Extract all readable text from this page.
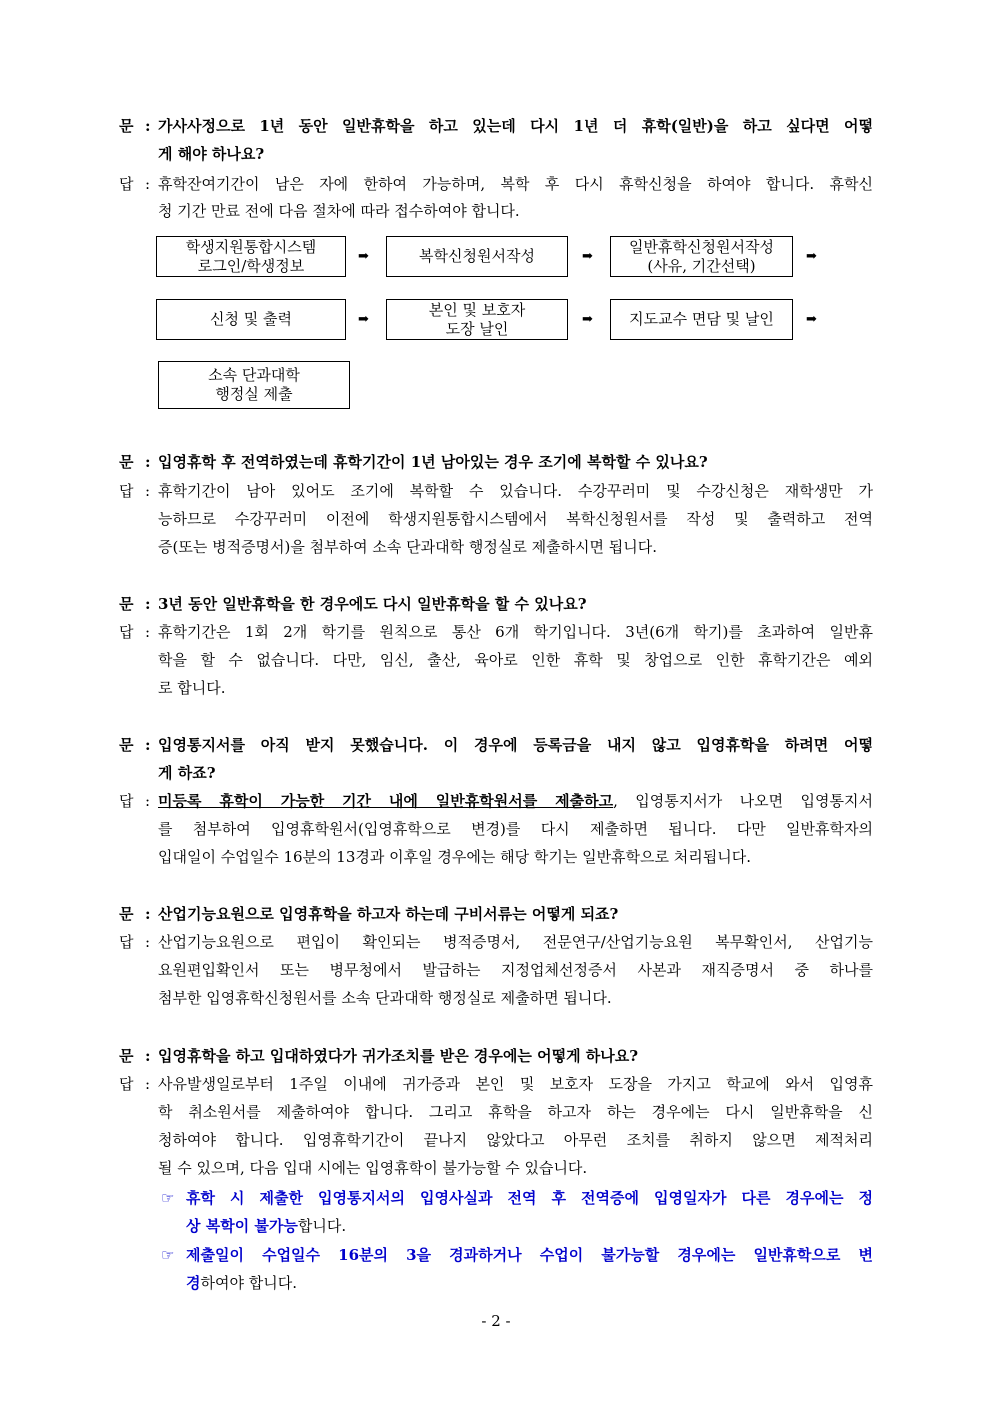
문 : 가사사정으로 1년 동안 일반휴학을 하고 있는데 다시 1년 더 휴학(일반)을 하고 싶다면 어떻
게 해야 하나요?
답 : 휴학잔여기간이 남은 자에 한하여 가능하며, 복학 후 다시 휴학신청을 하여야 합니다. 휴학신
청 기간 만료 전에 다음 절차에 따라 접수하여야 합니다.
학생지원통합시스템
로그인/학생정보	➡	복학신청원서작성	➡
일반휴학신청원서작성
(사유, 기간선택)	➡
신청 및 출력	➡
본인 및 보호자
도장 날인	➡	지도교수 면담 및 날인	➡
소속 단과대학
행정실 제출
문 : 입영휴학 후 전역하였는데 휴학기간이 1년 남아있는 경우 조기에 복학할 수 있나요?
답 : 휴학기간이 남아 있어도 조기에 복학할 수 있습니다. 수강꾸러미 및 수강신청은 재학생만 가
능하므로 수강꾸러미 이전에 학생지원통합시스템에서 복학신청원서를 작성 및 출력하고 전역
증(또는 병적증명서)을 첨부하여 소속 단과대학 행정실로 제출하시면 됩니다.
문 : 3년 동안 일반휴학을 한 경우에도 다시 일반휴학을 할 수 있나요?
답 : 휴학기간은 1회 2개 학기를 원칙으로 통산 6개 학기입니다. 3년(6개 학기)를 초과하여 일반휴
학을 할 수 없습니다. 다만, 임신, 출산, 육아로 인한 휴학 및 창업으로 인한 휴학기간은 예외
로 합니다.
문 : 입영통지서를 아직 받지 못했습니다. 이 경우에 등록금을 내지 않고 입영휴학을 하려면 어떻
게 하죠?
답 : 미등록 휴학이 가능한 기간 내에 일반휴학원서를 제출하고, 입영통지서가 나오면 입영통지서
를 첨부하여 입영휴학원서(입영휴학으로 변경)를 다시 제출하면 됩니다. 다만 일반휴학자의
입대일이 수업일수 16분의 13경과 이후일 경우에는 해당 학기는 일반휴학으로 처리됩니다.
문 : 산업기능요원으로 입영휴학을 하고자 하는데 구비서류는 어떻게 되죠?
답 : 산업기능요원으로 편입이 확인되는 병적증명서, 전문연구/산업기능요원 복무확인서, 산업기능
요원편입확인서 또는 병무청에서 발급하는 지정업체선정증서 사본과 재직증명서 중 하나를
첨부한 입영휴학신청원서를 소속 단과대학 행정실로 제출하면 됩니다.
문 : 입영휴학을 하고 입대하였다가 귀가조치를 받은 경우에는 어떻게 하나요?
답 : 사유발생일로부터 1주일 이내에 귀가증과 본인 및 보호자 도장을 가지고 학교에 와서 입영휴
학 취소원서를 제출하여야 합니다. 그리고 휴학을 하고자 하는 경우에는 다시 일반휴학을 신
청하여야 합니다. 입영휴학기간이 끝나지 않았다고 아무런 조치를 취하지 않으면 제적처리
될 수 있으며, 다음 입대 시에는 입영휴학이 불가능할 수 있습니다.
☞ 휴학 시 제출한 입영통지서의 입영사실과 전역 후 전역증에 입영일자가 다른 경우에는 정
상 복학이 불가능합니다.
☞ 제출일이 수업일수 16분의 3을 경과하거나 수업이 불가능할 경우에는 일반휴학으로 변
경하여야 합니다.
- 2 -
